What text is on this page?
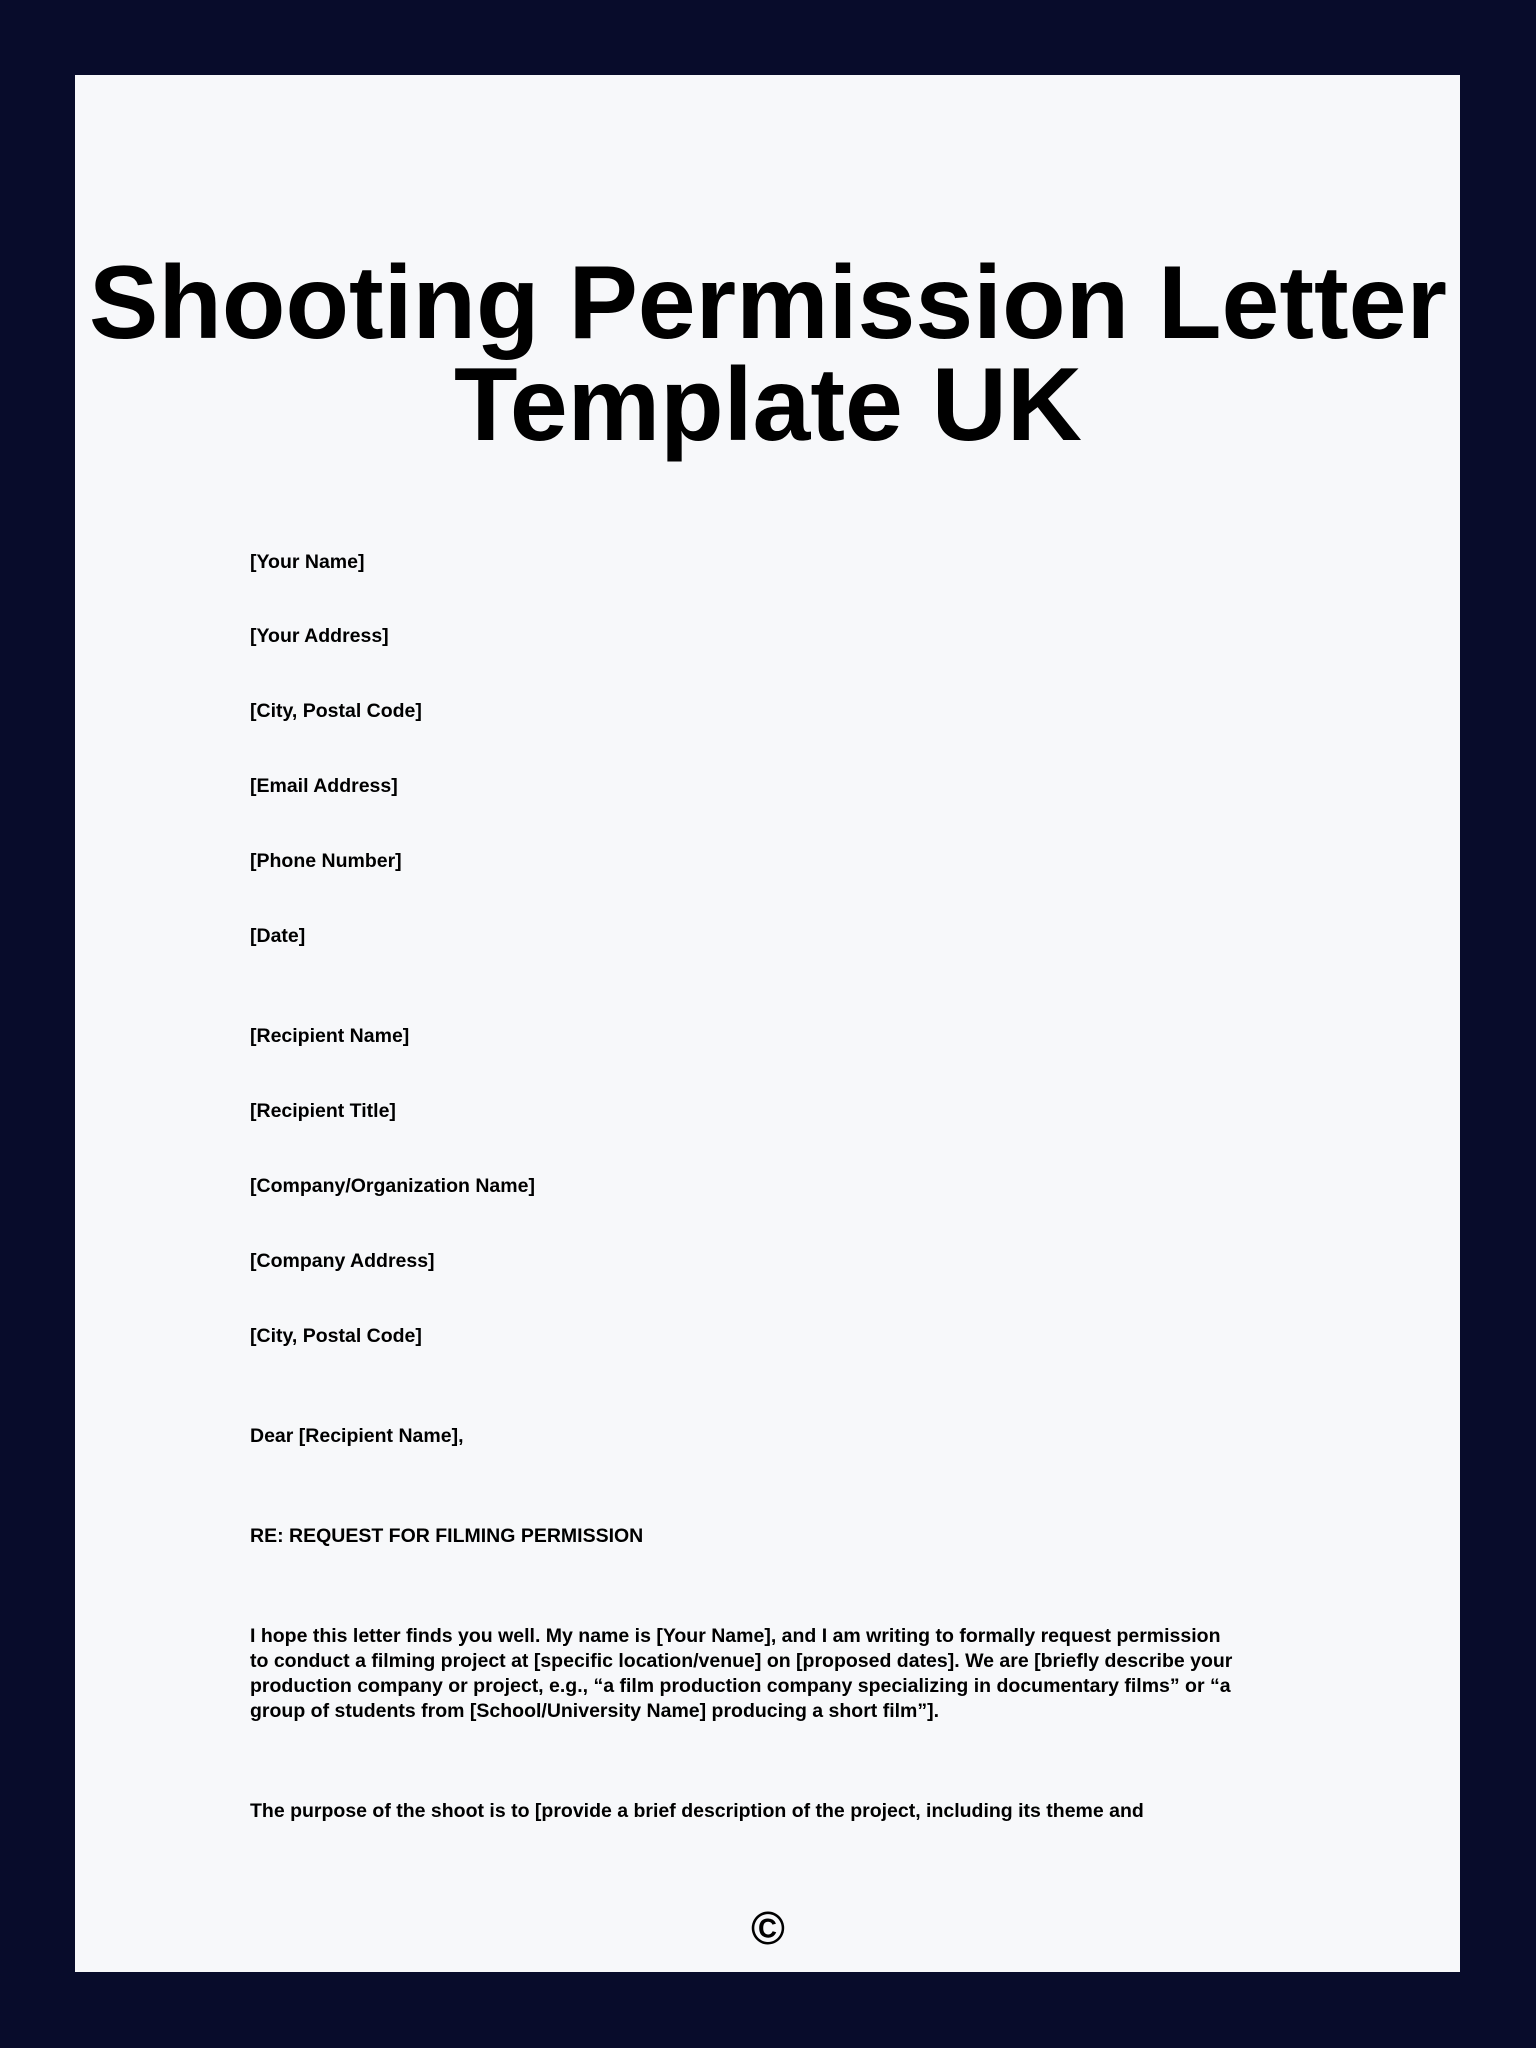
Shooting Permission Letter
Template UK
[Your Name]
[Your Address]
[City, Postal Code]
[Email Address]
[Phone Number]
[Date]
[Recipient Name]
[Recipient Title]
[Company/Organization Name]
[Company Address]
[City, Postal Code]
Dear [Recipient Name],
RE: REQUEST FOR FILMING PERMISSION
I hope this letter finds you well. My name is [Your Name], and I am writing to formally request permission
to conduct a filming project at [specific location/venue] on [proposed dates]. We are [briefly describe your
production company or project, e.g., “a film production company specializing in documentary films” or “a
group of students from [School/University Name] producing a short film”].
The purpose of the shoot is to [provide a brief description of the project, including its theme and
©
